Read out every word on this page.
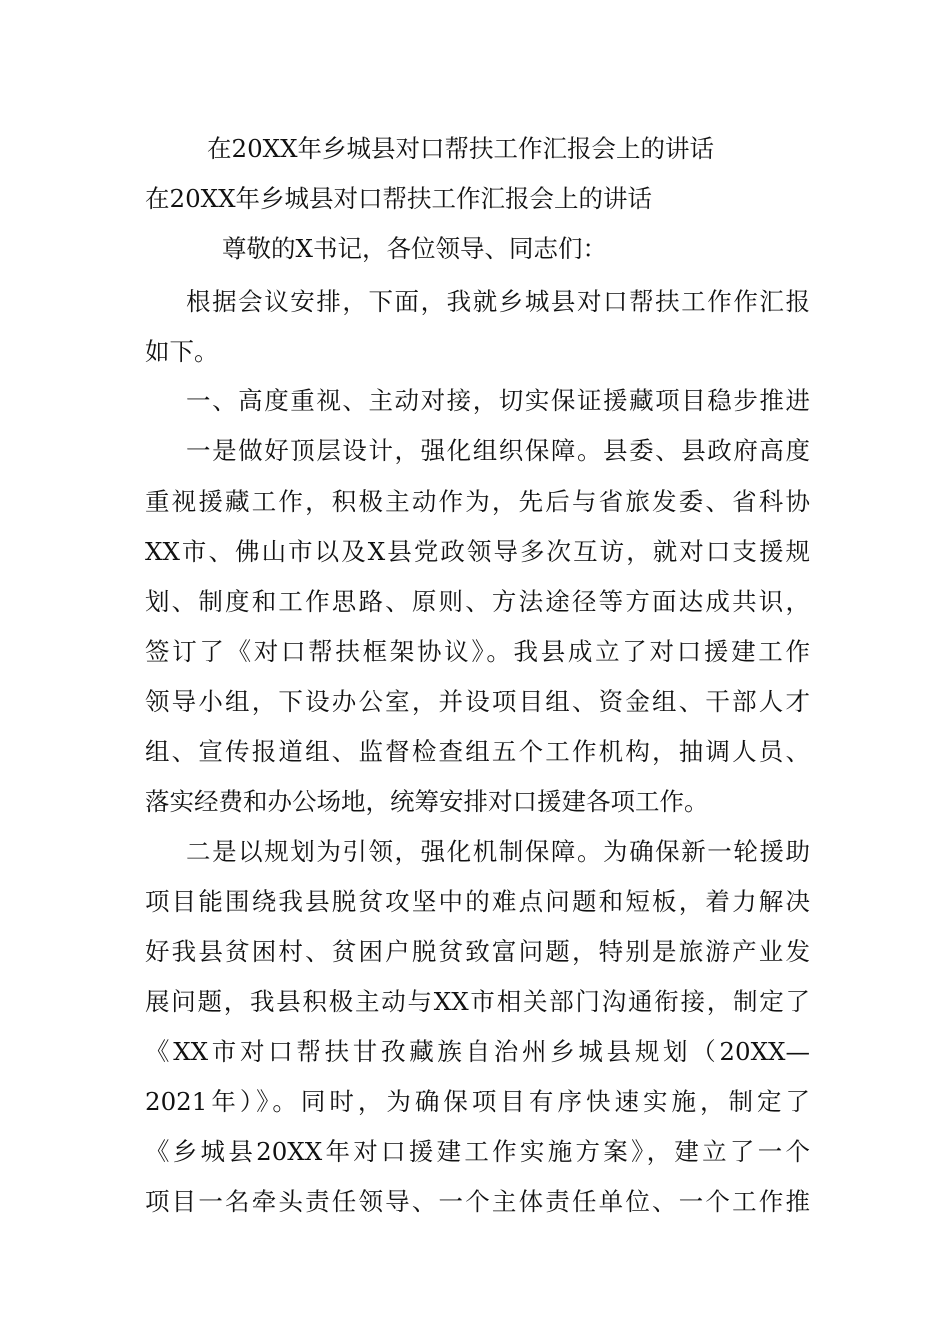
在20XX年乡城县对口帮扶工作汇报会上的讲话
在20XX年乡城县对口帮扶工作汇报会上的讲话
尊敬的X书记，各位领导、同志们：
根据会议安排，下面，我就乡城县对口帮扶工作作汇报
如下。
一、高度重视、主动对接，切实保证援藏项目稳步推进
一是做好顶层设计，强化组织保障。县委、县政府高度
重视援藏工作，积极主动作为，先后与省旅发委、省科协
XX市、佛山市以及X县党政领导多次互访，就对口支援规
划、制度和工作思路、原则、方法途径等方面达成共识，
签订了《对口帮扶框架协议》。我县成立了对口援建工作
领导小组，下设办公室，并设项目组、资金组、干部人才
组、宣传报道组、监督检查组五个工作机构，抽调人员、
落实经费和办公场地，统筹安排对口援建各项工作。
二是以规划为引领，强化机制保障。为确保新一轮援助
项目能围绕我县脱贫攻坚中的难点问题和短板，着力解决
好我县贫困村、贫困户脱贫致富问题，特别是旅游产业发
展问题，我县积极主动与XX市相关部门沟通衔接，制定了
《XX市对口帮扶甘孜藏族自治州乡城县规划（20XX—
2021年）》。同时，为确保项目有序快速实施，制定了
《乡城县20XX年对口援建工作实施方案》，建立了一个
项目一名牵头责任领导、一个主体责任单位、一个工作推
